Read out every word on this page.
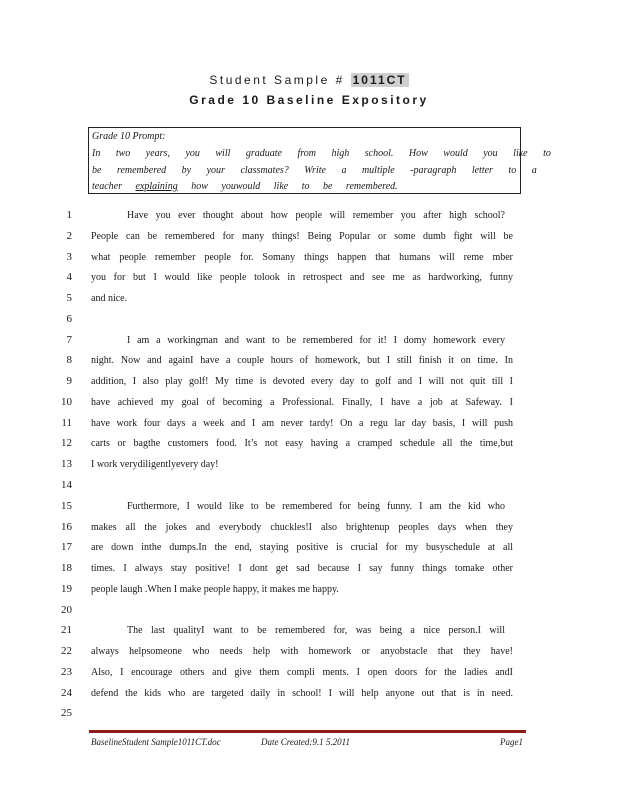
Student Sample # 1011CT
Grade 10 Baseline Expository
Grade 10 Prompt:
In two years, you will graduate from high school. How would you like to
be remembered by your classmates? Write a multiple -paragraph letter to a
teacher explaining how youwould like to be remembered.
1	Have you ever thought about how people will remember you after high school?
2 People can be remembered for many things! Being Popular or some dumb fight will be
3 what people remember people for. Somany things happen that humans will reme mber
4 you for but I would like people tolook in retrospect and see me as hardworking, funny
5 and nice.
6
7	I am a workingman and want to be remembered for it! I domy homework every
8 night. Now and againI have a couple hours of homework, but I still finish it on time. In
9 addition, I also play golf! My time is devoted every day to golf and I will not quit till I
10 have achieved my goal of becoming a Professional. Finally, I have a job at Safeway. I
11 have work four days a week and I am never tardy! On a regu lar day basis, I will push
12 carts or bagthe customers food. It’s not easy having a cramped schedule all the time,but
13 I work verydiligentlyevery day!
14
15	Furthermore, I would like to be remembered for being funny. I am the kid who
16 makes all the jokes and everybody chuckles!I also brightenup peoples days when they
17 are down inthe dumps.In the end, staying positive is crucial for my busyschedule at all
18 times. I always stay positive! I dont get sad because I say funny things tomake other
19 people laugh .When I make people happy, it makes me happy.
20
21	The last qualityI want to be remembered for, was being a nice person.I will
22 always helpsomeone who needs help with homework or anyobstacle that they have!
23 Also, I encourage others and give them compli ments. I open doors for the ladies andI
24 defend the kids who are targeted daily in school! I will help anyone out that is in need.
25
BaselineStudent Sample1011CT.doc	Date Created:9.1 5.2011	Page1
